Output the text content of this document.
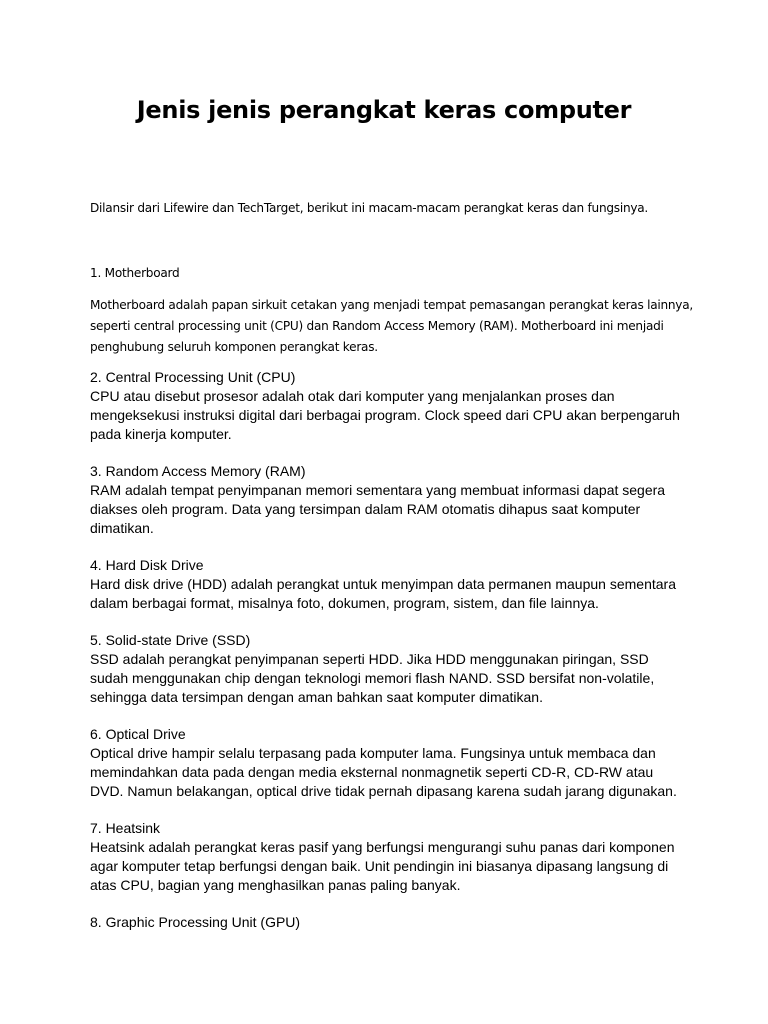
Jenis jenis perangkat keras computer
Dilansir dari Lifewire dan TechTarget, berikut ini macam-macam perangkat keras dan fungsinya.
1. Motherboard
Motherboard adalah papan sirkuit cetakan yang menjadi tempat pemasangan perangkat keras lainnya,
seperti central processing unit (CPU) dan Random Access Memory (RAM). Motherboard ini menjadi
penghubung seluruh komponen perangkat keras.
2. Central Processing Unit (CPU)
CPU atau disebut prosesor adalah otak dari komputer yang menjalankan proses dan
mengeksekusi instruksi digital dari berbagai program. Clock speed dari CPU akan berpengaruh
pada kinerja komputer.
3. Random Access Memory (RAM)
RAM adalah tempat penyimpanan memori sementara yang membuat informasi dapat segera
diakses oleh program. Data yang tersimpan dalam RAM otomatis dihapus saat komputer
dimatikan.
4. Hard Disk Drive
Hard disk drive (HDD) adalah perangkat untuk menyimpan data permanen maupun sementara
dalam berbagai format, misalnya foto, dokumen, program, sistem, dan file lainnya.
5. Solid-state Drive (SSD)
SSD adalah perangkat penyimpanan seperti HDD. Jika HDD menggunakan piringan, SSD
sudah menggunakan chip dengan teknologi memori flash NAND. SSD bersifat non-volatile,
sehingga data tersimpan dengan aman bahkan saat komputer dimatikan.
6. Optical Drive
Optical drive hampir selalu terpasang pada komputer lama. Fungsinya untuk membaca dan
memindahkan data pada dengan media eksternal nonmagnetik seperti CD-R, CD-RW atau
DVD. Namun belakangan, optical drive tidak pernah dipasang karena sudah jarang digunakan.
7. Heatsink
Heatsink adalah perangkat keras pasif yang berfungsi mengurangi suhu panas dari komponen
agar komputer tetap berfungsi dengan baik. Unit pendingin ini biasanya dipasang langsung di
atas CPU, bagian yang menghasilkan panas paling banyak.
8. Graphic Processing Unit (GPU)
